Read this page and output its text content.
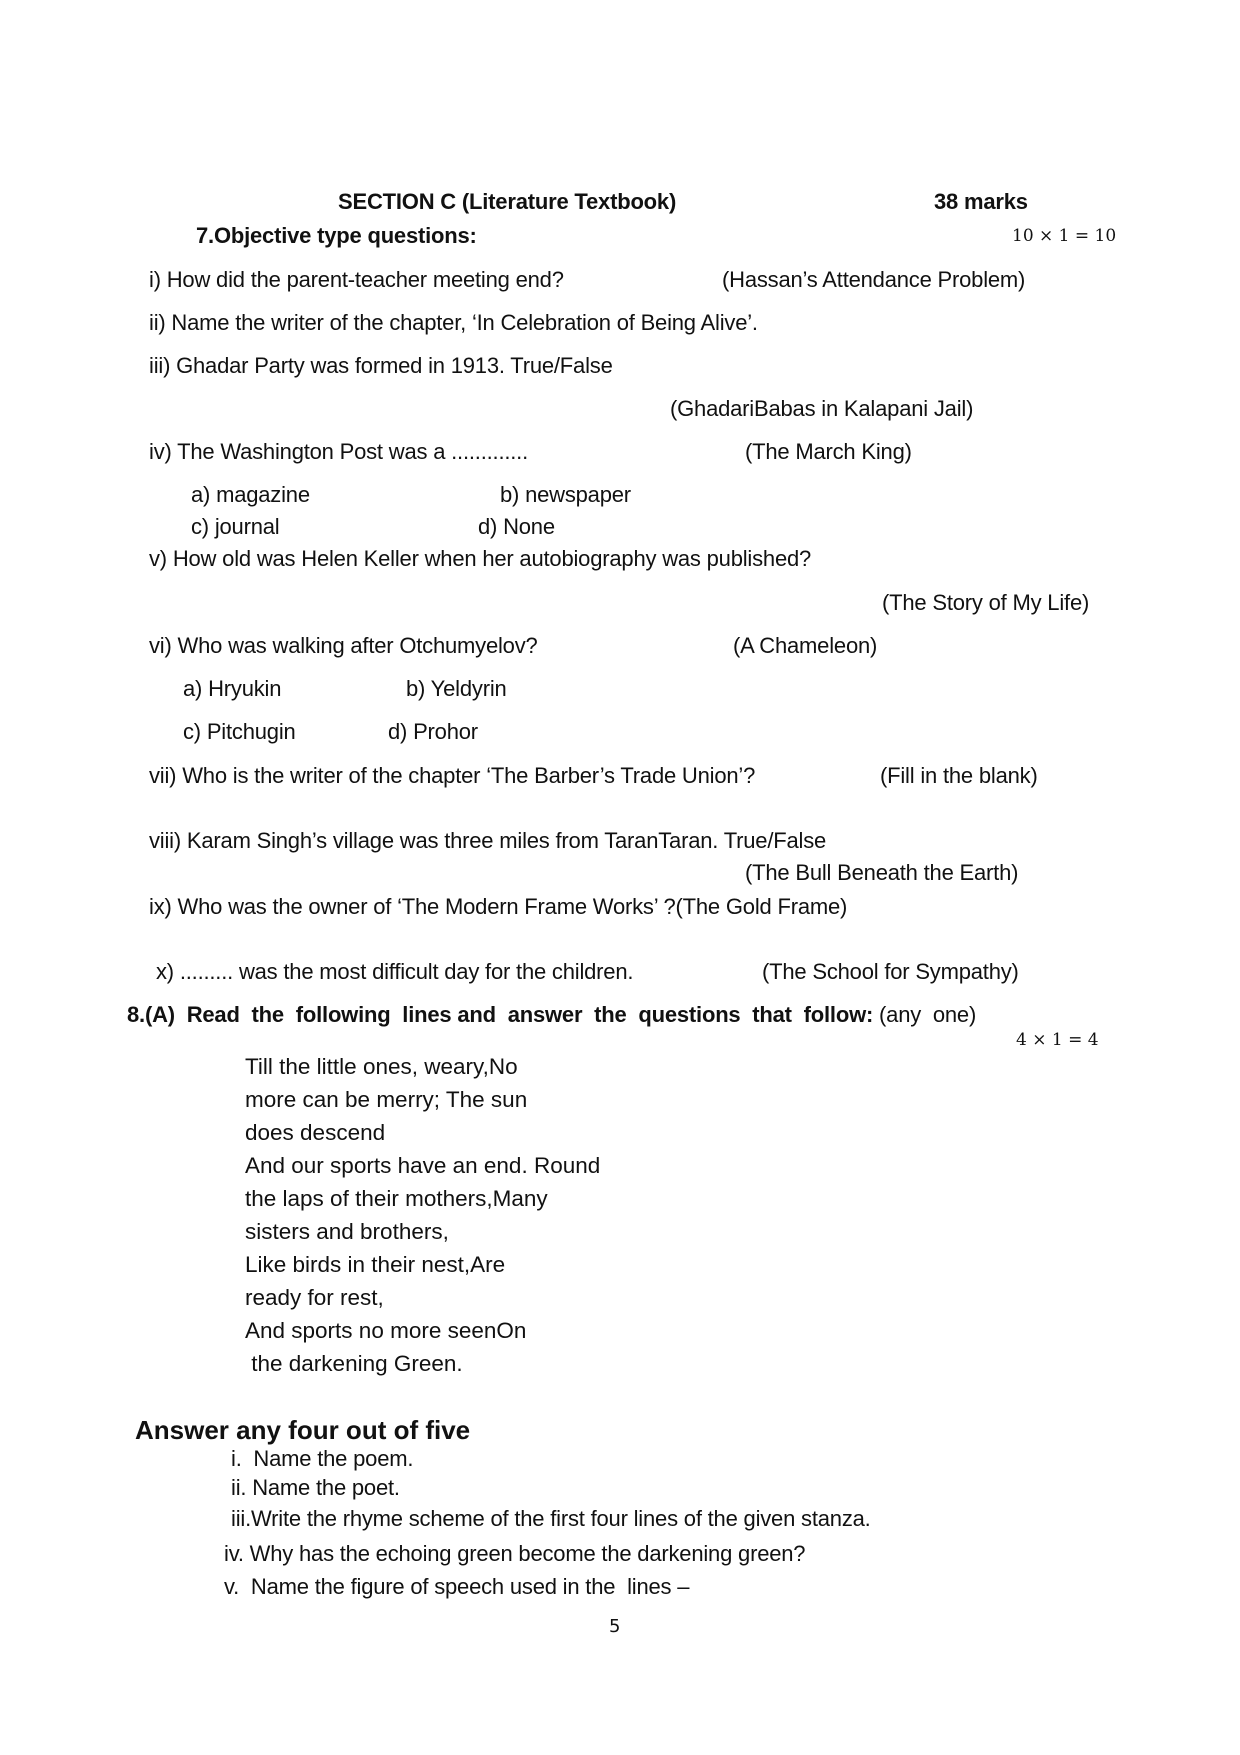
SECTION C (Literature Textbook)	38 marks
7.Objective type questions:	10 × 1 = 10
i) How did the parent-teacher meeting end?	(Hassan’s Attendance Problem)
ii) Name the writer of the chapter, ‘In Celebration of Being Alive’.
iii) Ghadar Party was formed in 1913. True/False
(GhadariBabas in Kalapani Jail)
iv) The Washington Post was a .............	(The March King)
a) magazine	b) newspaper
c) journal	d) None
v) How old was Helen Keller when her autobiography was published?
(The Story of My Life)
vi) Who was walking after Otchumyelov?	(A Chameleon)
a) Hryukin	b) Yeldyrin
c) Pitchugin	d) Prohor
vii) Who is the writer of the chapter ‘The Barber’s Trade Union’?	(Fill in the blank)
viii) Karam Singh’s village was three miles from TaranTaran. True/False
(The Bull Beneath the Earth)
ix) Who was the owner of ‘The Modern Frame Works’ ?(The Gold Frame)
x) ......... was the most difficult day for the children.	(The School for Sympathy)
8.(A)  Read  the  following  lines and  answer  the  questions  that  follow: (any  one)
4 × 1 = 4
Till the little ones, weary,No
more can be merry; The sun
does descend
And our sports have an end. Round
the laps of their mothers,Many
sisters and brothers,
Like birds in their nest,Are
ready for rest,
And sports no more seenOn
the darkening Green.
Answer any four out of five
i.  Name the poem.
ii. Name the poet.
iii.Write the rhyme scheme of the first four lines of the given stanza.
iv. Why has the echoing green become the darkening green?
v.  Name the figure of speech used in the  lines –
5
